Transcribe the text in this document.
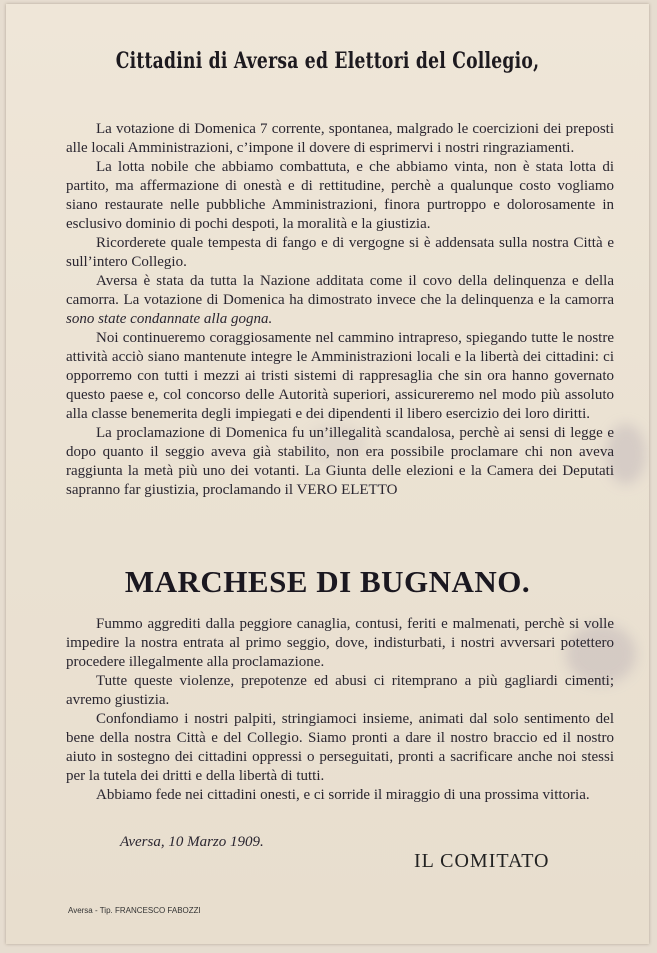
Cittadini di Aversa ed Elettori del Collegio,

La votazione di Domenica 7 corrente, spontanea, malgrado le coercizioni dei preposti alle locali Amministrazioni, c’impone il dovere di esprimervi i nostri ringraziamenti.

La lotta nobile che abbiamo combattuta, e che abbiamo vinta, non è stata lotta di partito, ma affermazione di onestà e di rettitudine, perchè a qualunque costo vogliamo siano restaurate nelle pubbliche Amministrazioni, finora purtroppo e dolorosamente in esclusivo dominio di pochi despoti, la moralità e la giustizia.

Ricorderete quale tempesta di fango e di vergogne si è addensata sulla nostra Città e sull’intero Collegio.

Aversa è stata da tutta la Nazione additata come il covo della delinquenza e della camorra. La votazione di Domenica ha dimostrato invece che la delinquenza e la camorra sono state condannate alla gogna.

Noi continueremo coraggiosamente nel cammino intrapreso, spiegando tutte le nostre attività acciò siano mantenute integre le Amministrazioni locali e la libertà dei cittadini: ci opporremo con tutti i mezzi ai tristi sistemi di rappresaglia che sin ora hanno governato questo paese e, col concorso delle Autorità superiori, assicureremo nel modo più assoluto alla classe benemerita degli impiegati e dei dipendenti il libero esercizio dei loro diritti.

La proclamazione di Domenica fu un’illegalità scandalosa, perchè ai sensi di legge e dopo quanto il seggio aveva già stabilito, non era possibile proclamare chi non aveva raggiunta la metà più uno dei votanti. La Giunta delle elezioni e la Camera dei Deputati sapranno far giustizia, proclamando il VERO ELETTO

MARCHESE DI BUGNANO.

Fummo aggrediti dalla peggiore canaglia, contusi, feriti e malmenati, perchè si volle impedire la nostra entrata al primo seggio, dove, indisturbati, i nostri avversari potettero procedere illegalmente alla proclamazione.

Tutte queste violenze, prepotenze ed abusi ci ritemprano a più gagliardi cimenti; avremo giustizia.

Confondiamo i nostri palpiti, stringiamoci insieme, animati dal solo sentimento del bene della nostra Città e del Collegio. Siamo pronti a dare il nostro braccio ed il nostro aiuto in sostegno dei cittadini oppressi o perseguitati, pronti a sacrificare anche noi stessi per la tutela dei dritti e della libertà di tutti.

Abbiamo fede nei cittadini onesti, e ci sorride il miraggio di una prossima vittoria.

Aversa, 10 Marzo 1909.
IL COMITATO
Aversa - Tip. FRANCESCO FABOZZI
